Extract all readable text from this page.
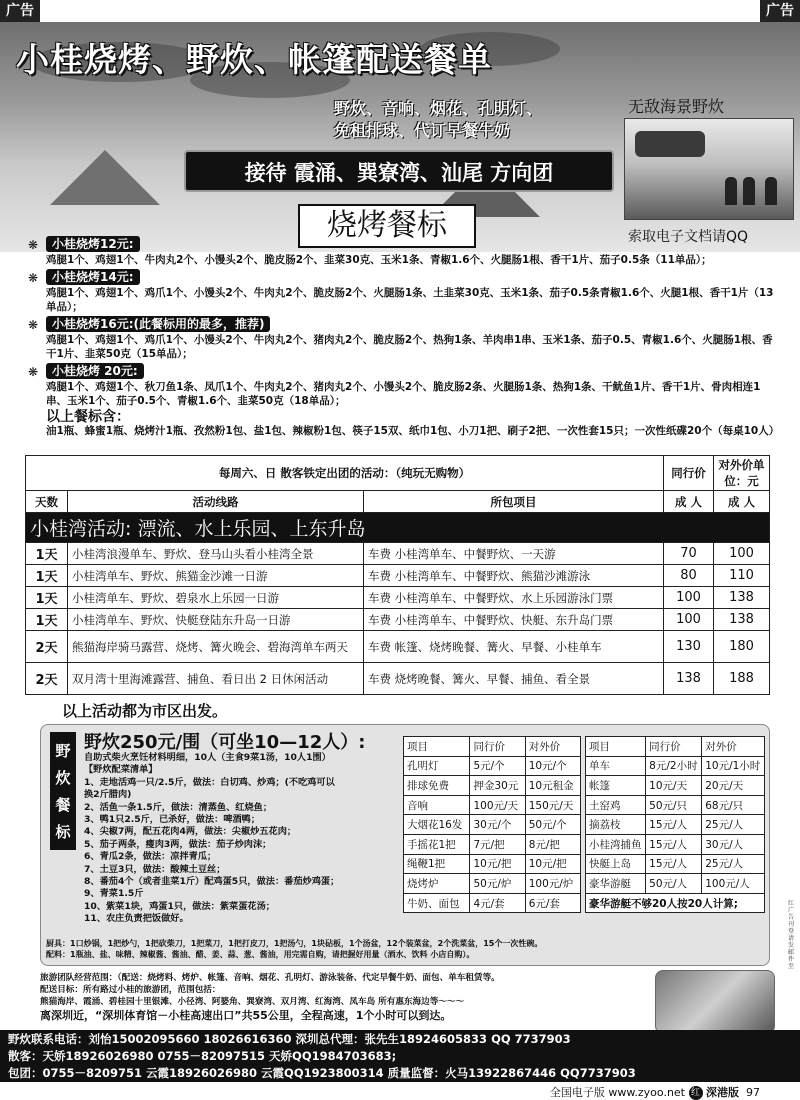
广告	广告
小桂烧烤、野炊、帐篷配送餐单
野炊、音响、烟花、孔明灯、
免租排球、代订早餐牛奶
接待 霞涌、巽寮湾、汕尾 方向团
无敌海景野炊
索取电子文档请QQ
烧烤餐标
❋ 小桂烧烤12元:
鸡腿1个、鸡翅1个、牛肉丸2个、小馒头2个、脆皮肠2个、韭菜30克、玉米1条、青椒1.6个、火腿肠1根、香干1片、茄子0.5条（11单品）；
❋ 小桂烧烤14元:
鸡腿1个、鸡翅1个、鸡爪1个、小馒头2个、牛肉丸2个、脆皮肠2个、火腿肠1条、土韭菜30克、玉米1条、茄子0.5条青椒1.6个、火腿1根、香干1片（13单品）；
❋ 小桂烧烤16元:(此餐标用的最多，推荐)
鸡腿1个、鸡翅1个、鸡爪1个、小馒头2个、牛肉丸2个、猪肉丸2个、脆皮肠2个、热狗1条、羊肉串1串、玉米1条、茄子0.5、青椒1.6个、火腿肠1根、香干1片、韭菜50克（15单品）；
❋ 小桂烧烤 20元:
鸡腿1个、鸡翅1个、秋刀鱼1条、凤爪1个、牛肉丸2个、猪肉丸2个、小馒头2个、脆皮肠2条、火腿肠1条、热狗1条、干鱿鱼1片、香干1片、骨肉相连1串、玉米1个、茄子0.5个、青椒1.6个、韭菜50克（18单品）；
以上餐标含：
油1瓶、蜂蜜1瓶、烧烤汁1瓶、孜然粉1包、盐1包、辣椒粉1包、筷子15双、纸巾1包、小刀1把、刷子2把、一次性套15只；一次性纸碟20个（每桌10人）
每周六、日 散客铁定出团的活动：（纯玩无购物）			同行价	对外价单位：元
天数	活动线路	所包项目	成 人	成 人
小桂湾活动: 漂流、水上乐园、上东升岛				
1天	小桂湾浪漫单车、野炊、登马山头看小桂湾全景	车费 小桂湾单车、中餐野炊、一天游	70	100
1天	小桂湾单车、野炊、熊猫金沙滩一日游	车费 小桂湾单车、中餐野炊、熊猫沙滩游泳	80	110
1天	小桂湾单车、野炊、碧泉水上乐园一日游	车费 小桂湾单车、中餐野炊、水上乐园游泳门票	100	138
1天	小桂湾单车、野炊、快艇登陆东升岛一日游	车费 小桂湾单车、中餐野炊、快艇、东升岛门票	100	138
2天	熊猫海岸骑马露营、烧烤、篝火晚会、碧海湾单车两天	车费 帐篷、烧烤晚餐、篝火、早餐、小桂单车	130	180
2天	双月湾十里海滩露营、捕鱼、看日出 2 日休闲活动	车费 烧烤晚餐、篝火、早餐、捕鱼、看全景	138	188
以上活动都为市区出发。
野
炊
餐
标
野炊250元/围（可坐10—12人）:
自助式柴火烹饪材料明细，10人（主食9菜1汤，10人1围）
【野炊配菜清单】
1、走地活鸡一只/2.5斤，做法：白切鸡、炒鸡；(不吃鸡可以
换2斤腊肉)
2、活鱼一条1.5斤，做法：清蒸鱼、红烧鱼；
3、鸭1只2.5斤，已杀好，做法：啤酒鸭；
4、尖椒7两，配五花肉4两，做法：尖椒炒五花肉；
5、茄子两条，瘦肉3两，做法：茄子炒肉沫；
6、青瓜2条，做法：凉拌青瓜；
7、土豆3只，做法：酸辣土豆丝；
8、番茄4个（或者韭菜1斤）配鸡蛋5只，做法：番茄炒鸡蛋；
9、青菜1.5斤
10、紫菜1块，鸡蛋1只，做法：紫菜蛋花汤；
11、农庄负责把饭做好。
项目	同行价	对外价
孔明灯	5元/个	10元/个
排球免费	押金30元	10元租金
音响	100元/天	150元/天
大烟花16发	30元/个	50元/个
手摇花1把	7元/把	8元/把
绳鞭1把	10元/把	10元/把
烧烤炉	50元/炉	100元/炉
牛奶、面包	4元/套	6元/套
项目	同行价	对外价
单车	8元/2小时	10元/1小时
帐篷	10元/天	20元/天
土窑鸡	50元/只	68元/只
摘荔枝	15元/人	25元/人
小桂湾捕鱼	15元/人	30元/人
快艇上岛	15元/人	25元/人
豪华游艇	50元/人	100元/人
豪华游艇不够20人按20人计算;		
厨具：1口炒锅，1把炒勺，1把砍柴刀，1把菜刀，1把打皮刀，1把汤勺，1块砧板，1个汤盆，12个装菜盆，2个洗菜盆，15个一次性碗。
配料：1瓶油、盐、味精、辣椒酱、酱油、醋、姜、蒜、葱、酱油，用完需自购，请把握好用量（酒水、饮料 小店自购）。
旅游团队经营范围：（配送：烧烤料、烤炉、帐篷、音响、烟花、孔明灯、游泳装备、代定早餐牛奶、面包、单车租赁等。
配送目标：所有路过小桂的旅游团，范围包括：
熊猫海岸、霞涌、碧桂园十里银滩、小径湾、阿婆角、巽寮湾、双月湾、红海湾、凤车岛 所有惠东海边等～～～
离深圳近，“深圳体育馆－小桂高速出口”共55公里，全程高速，1个小时可以到达。
野炊联系电话：刘怡15002095660 18026616360 深圳总代理：张先生18924605833 QQ 7737903
散客：天娇18926026980 0755－82097515 天娇QQ1984703683;
包团：0755－8209751 云霞18926026980 云霞QQ1923800314 质量监督：火马13922867446 QQ7737903
全国电子版 www.zyoo.net 红 深港版 97
红广告刊登请发邮件至
